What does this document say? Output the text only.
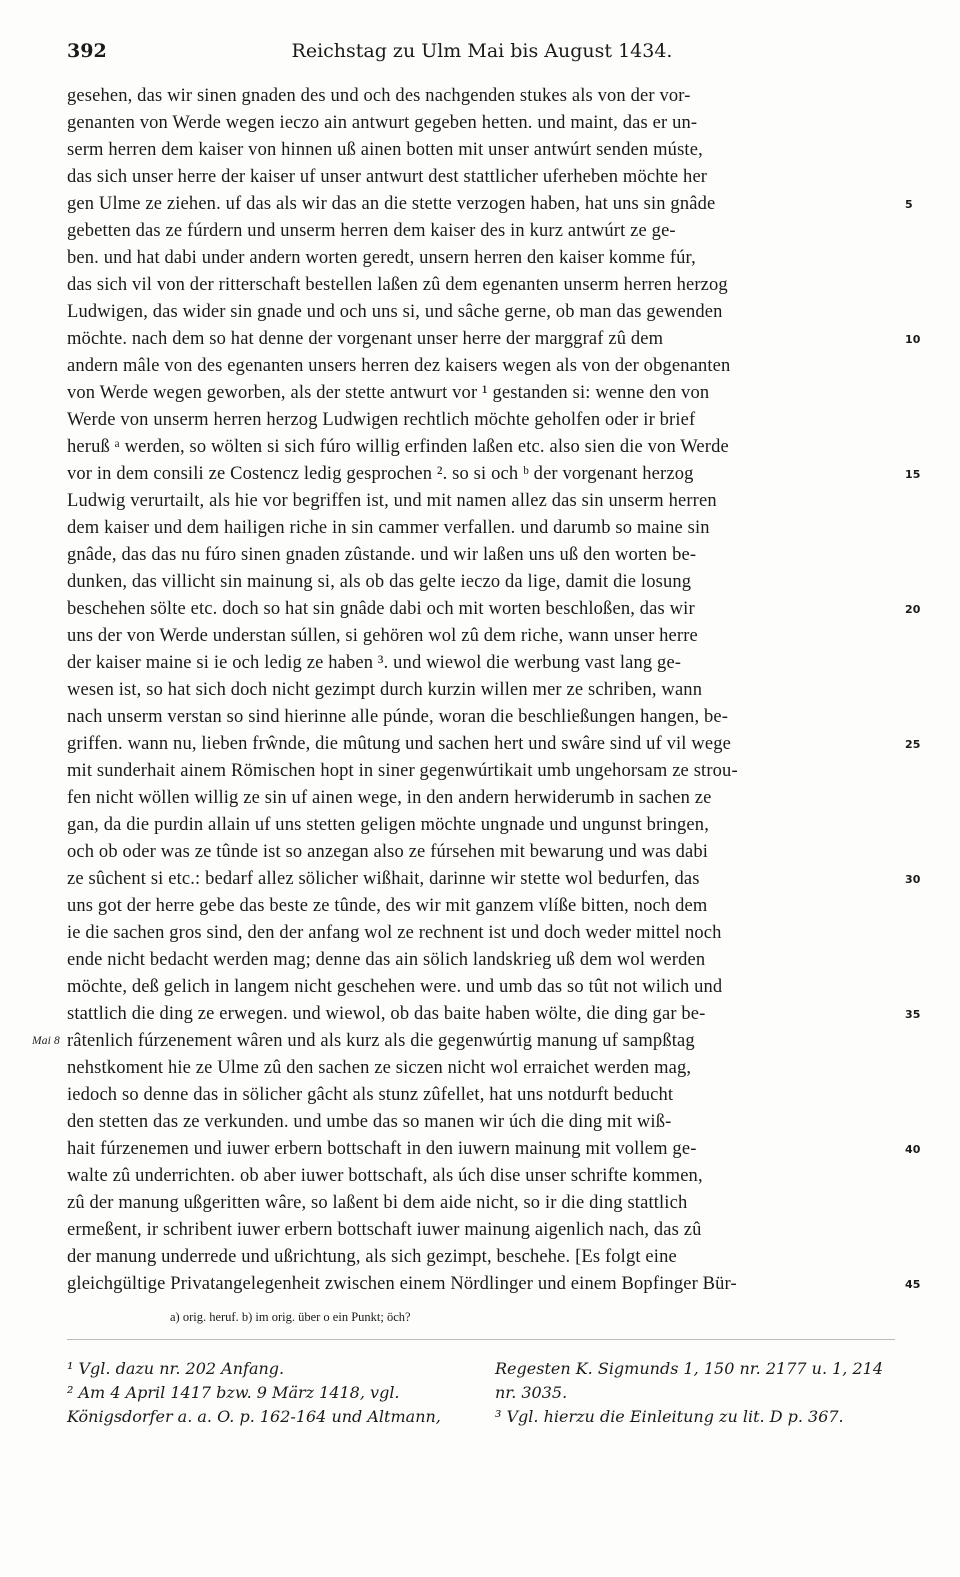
392	Reichstag zu Ulm Mai bis August 1434.
gesehen, das wir sinen gnaden des und och des nachgenden stukes als von der vor-
genanten von Werde wegen ieczo ain antwurt gegeben hetten. und maint, das er un-
serm herren dem kaiser von hinnen uß ainen botten mit unser antwúrt senden múste,
das sich unser herre der kaiser uf unser antwurt dest stattlicher uferheben möchte her
gen Ulme ze ziehen. uf das als wir das an die stette verzogen haben, hat uns sin gnâde	5
gebetten das ze fúrdern und unserm herren dem kaiser des in kurz antwúrt ze ge-
ben. und hat dabi under andern worten geredt, unsern herren den kaiser komme fúr,
das sich vil von der ritterschaft bestellen laßen zû dem egenanten unserm herren herzog
Ludwigen, das wider sin gnade und och uns si, und sâche gerne, ob man das gewenden
möchte. nach dem so hat denne der vorgenant unser herre der marggraf zû dem	10
andern mâle von des egenanten unsers herren dez kaisers wegen als von der obgenanten
von Werde wegen geworben, als der stette antwurt vor ¹ gestanden si: wenne den von
Werde von unserm herren herzog Ludwigen rechtlich möchte geholfen oder ir brief
heruß ᵃ werden, so wölten si sich fúro willig erfinden laßen etc. also sien die von Werde
vor in dem consili ze Costencz ledig gesprochen ². so si och ᵇ der vorgenant herzog	15
Ludwig verurtailt, als hie vor begriffen ist, und mit namen allez das sin unserm herren
dem kaiser und dem hailigen riche in sin cammer verfallen. und darumb so maine sin
gnâde, das das nu fúro sinen gnaden zûstande. und wir laßen uns uß den worten be-
dunken, das villicht sin mainung si, als ob das gelte ieczo da lige, damit die losung
beschehen sölte etc. doch so hat sin gnâde dabi och mit worten beschloßen, das wir	20
uns der von Werde understan súllen, si gehören wol zû dem riche, wann unser herre
der kaiser maine si ie och ledig ze haben ³. und wiewol die werbung vast lang ge-
wesen ist, so hat sich doch nicht gezimpt durch kurzin willen mer ze schriben, wann
nach unserm verstan so sind hierinne alle púnde, woran die beschließungen hangen, be-
griffen. wann nu, lieben frŵnde, die mûtung und sachen hert und swâre sind uf vil wege	25
mit sunderhait ainem Römischen hopt in siner gegenwúrtikait umb ungehorsam ze strou-
fen nicht wöllen willig ze sin uf ainen wege, in den andern herwiderumb in sachen ze
gan, da die purdin allain uf uns stetten geligen möchte ungnade und ungunst bringen,
och ob oder was ze tûnde ist so anzegan also ze fúrsehen mit bewarung und was dabi
ze sûchent si etc.: bedarf allez sölicher wißhait, darinne wir stette wol bedurfen, das	30
uns got der herre gebe das beste ze tûnde, des wir mit ganzem vlíße bitten, noch dem
ie die sachen gros sind, den der anfang wol ze rechnent ist und doch weder mittel noch
ende nicht bedacht werden mag; denne das ain sölich landskrieg uß dem wol werden
möchte, deß gelich in langem nicht geschehen were. und umb das so tût not wilich und
stattlich die ding ze erwegen. und wiewol, ob das baite haben wölte, die ding gar be-	35
râtenlich fúrzenement wâren und als kurz als die gegenwúrtig manung uf sampßtag
Mai 8
nehstkoment hie ze Ulme zû den sachen ze siczen nicht wol erraichet werden mag,
iedoch so denne das in sölicher gâcht als stunz zûfellet, hat uns notdurft beducht
den stetten das ze verkunden. und umbe das so manen wir úch die ding mit wiß-
hait fúrzenemen und iuwer erbern bottschaft in den iuwern mainung mit vollem ge-	40
walte zû underrichten. ob aber iuwer bottschaft, als úch dise unser schrifte kommen,
zû der manung ußgeritten wâre, so laßent bi dem aide nicht, so ir die ding stattlich
ermeßent, ir schribent iuwer erbern bottschaft iuwer mainung aigenlich nach, das zû
der manung underrede und ußrichtung, als sich gezimpt, beschehe. [Es folgt eine
gleichgültige Privatangelegenheit zwischen einem Nördlinger und einem Bopfinger Bür-	45
a) orig. heruf. b) im orig. über o ein Punkt; öch?
¹ Vgl. dazu nr. 202 Anfang.
² Am 4 April 1417 bzw. 9 März 1418, vgl.
Königsdorfer a. a. O. p. 162-164 und Altmann,
Regesten K. Sigmunds 1, 150 nr. 2177 u. 1, 214
nr. 3035.
³ Vgl. hierzu die Einleitung zu lit. D p. 367.
